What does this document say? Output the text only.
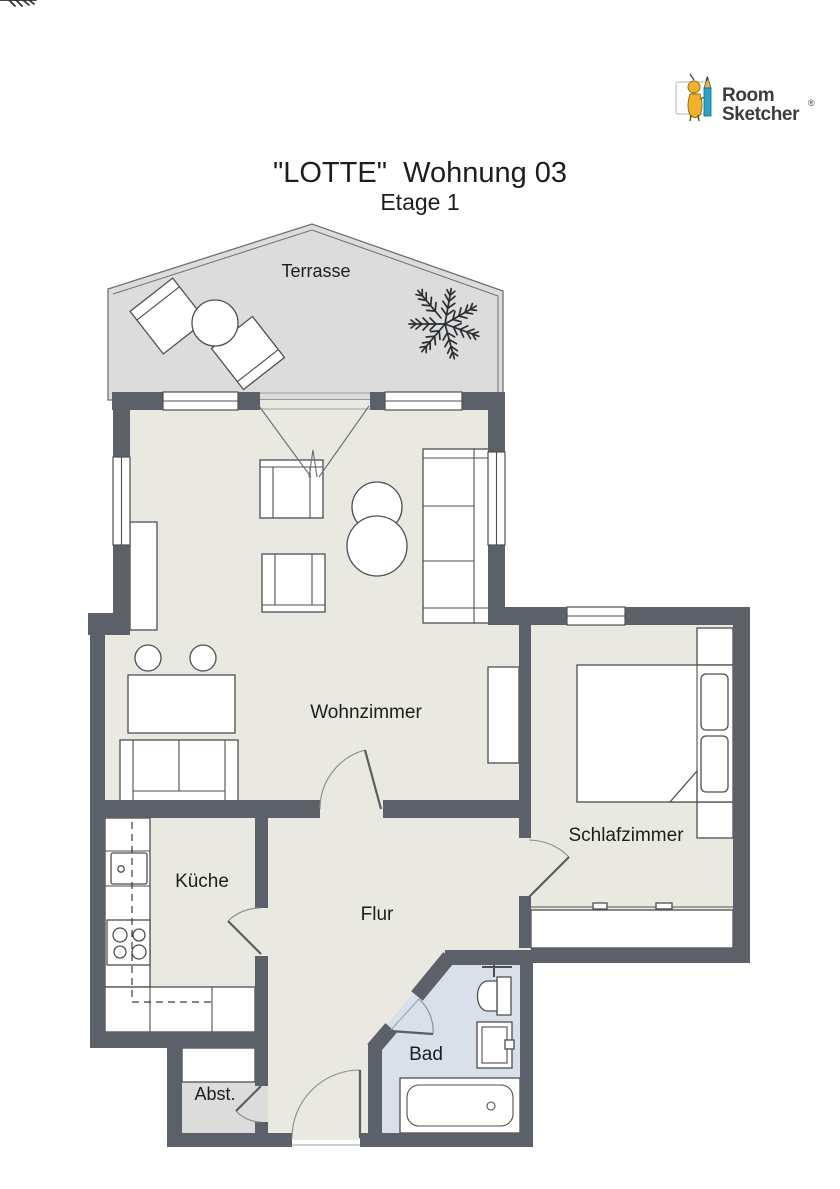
Terrasse
Wohnzimmer
Schlafzimmer
Küche
Flur
Bad
Abst.
"LOTTE"  Wohnung 03
Etage 1
Room
Sketcher
®
